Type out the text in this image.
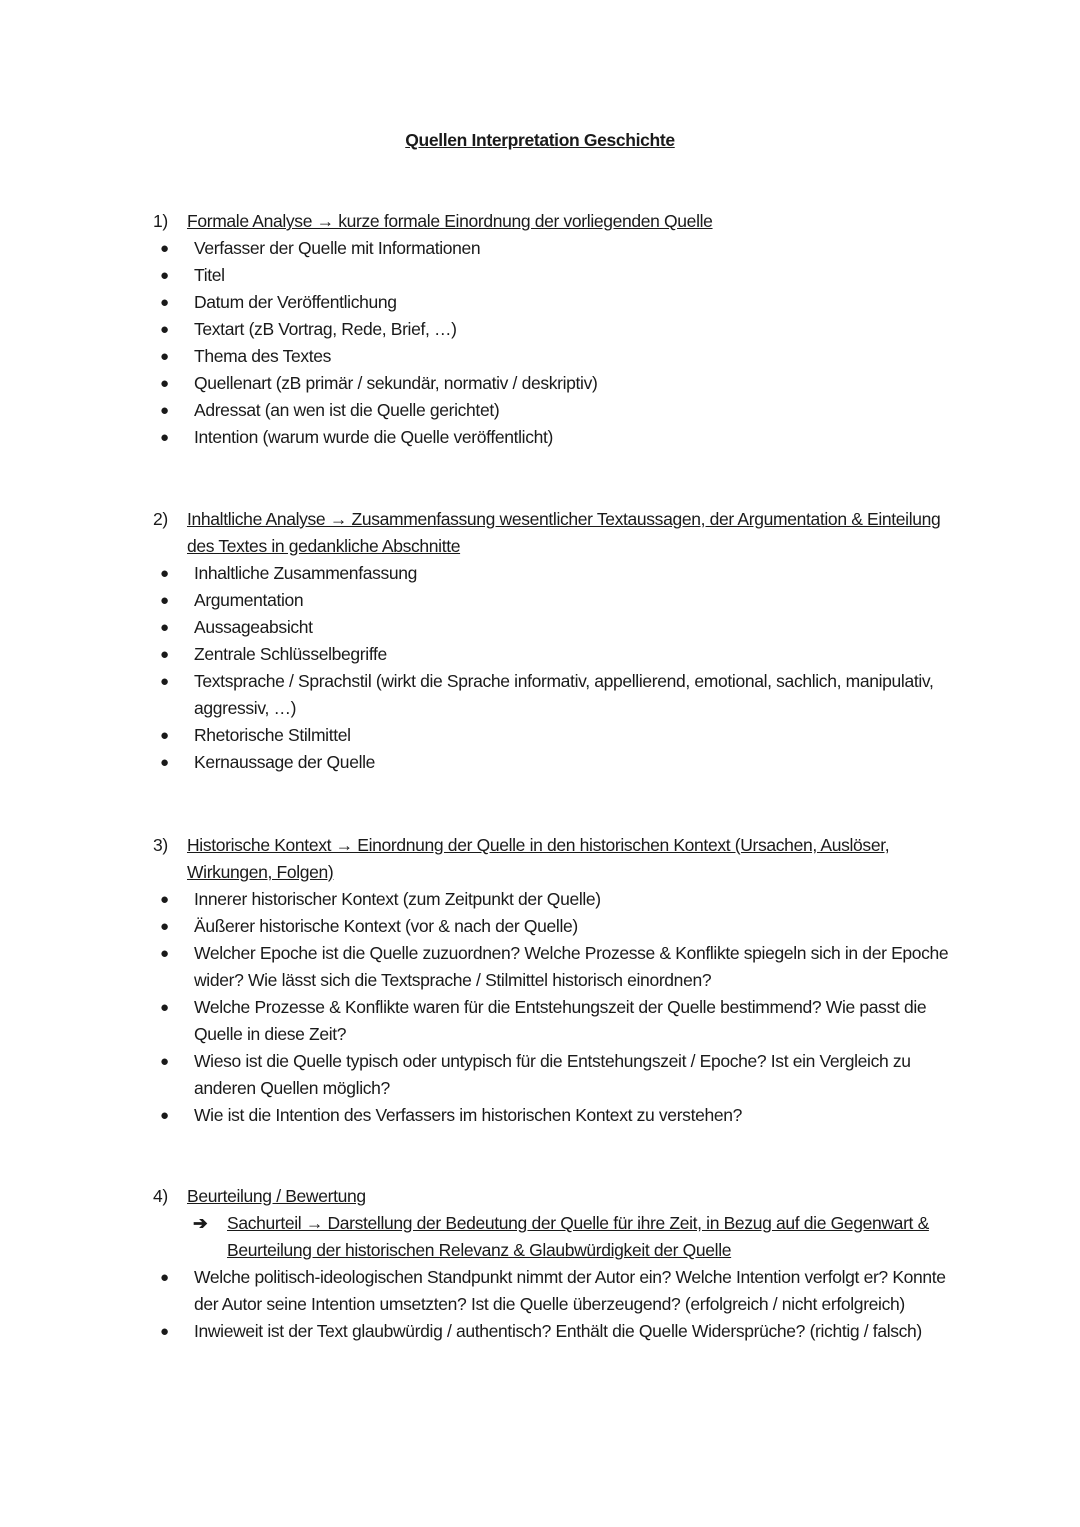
Quellen Interpretation Geschichte
1)	Formale Analyse → kurze formale Einordnung der vorliegenden Quelle
●	Verfasser der Quelle mit Informationen
●	Titel
●	Datum der Veröffentlichung
●	Textart (zB Vortrag, Rede, Brief, …)
●	Thema des Textes
●	Quellenart (zB primär / sekundär, normativ / deskriptiv)
●	Adressat (an wen ist die Quelle gerichtet)
●	Intention (warum wurde die Quelle veröffentlicht)
2)	Inhaltliche Analyse → Zusammenfassung wesentlicher Textaussagen, der Argumentation & Einteilung des Textes in gedankliche Abschnitte
●	Inhaltliche Zusammenfassung
●	Argumentation
●	Aussageabsicht
●	Zentrale Schlüsselbegriffe
●	Textsprache / Sprachstil (wirkt die Sprache informativ, appellierend, emotional, sachlich, manipulativ, aggressiv, …)
●	Rhetorische Stilmittel
●	Kernaussage der Quelle
3)	Historische Kontext → Einordnung der Quelle in den historischen Kontext (Ursachen, Auslöser, Wirkungen, Folgen)
●	Innerer historischer Kontext (zum Zeitpunkt der Quelle)
●	Äußerer historische Kontext (vor & nach der Quelle)
●	Welcher Epoche ist die Quelle zuzuordnen? Welche Prozesse & Konflikte spiegeln sich in der Epoche wider? Wie lässt sich die Textsprache / Stilmittel historisch einordnen?
●	Welche Prozesse & Konflikte waren für die Entstehungszeit der Quelle bestimmend? Wie passt die Quelle in diese Zeit?
●	Wieso ist die Quelle typisch oder untypisch für die Entstehungszeit / Epoche? Ist ein Vergleich zu anderen Quellen möglich?
●	Wie ist die Intention des Verfassers im historischen Kontext zu verstehen?
4)	Beurteilung / Bewertung
➔	Sachurteil → Darstellung der Bedeutung der Quelle für ihre Zeit, in Bezug auf die Gegenwart & Beurteilung der historischen Relevanz & Glaubwürdigkeit der Quelle
●	Welche politisch-ideologischen Standpunkt nimmt der Autor ein? Welche Intention verfolgt er? Konnte der Autor seine Intention umsetzten? Ist die Quelle überzeugend? (erfolgreich / nicht erfolgreich)
●	Inwieweit ist der Text glaubwürdig / authentisch? Enthält die Quelle Widersprüche? (richtig / falsch)
